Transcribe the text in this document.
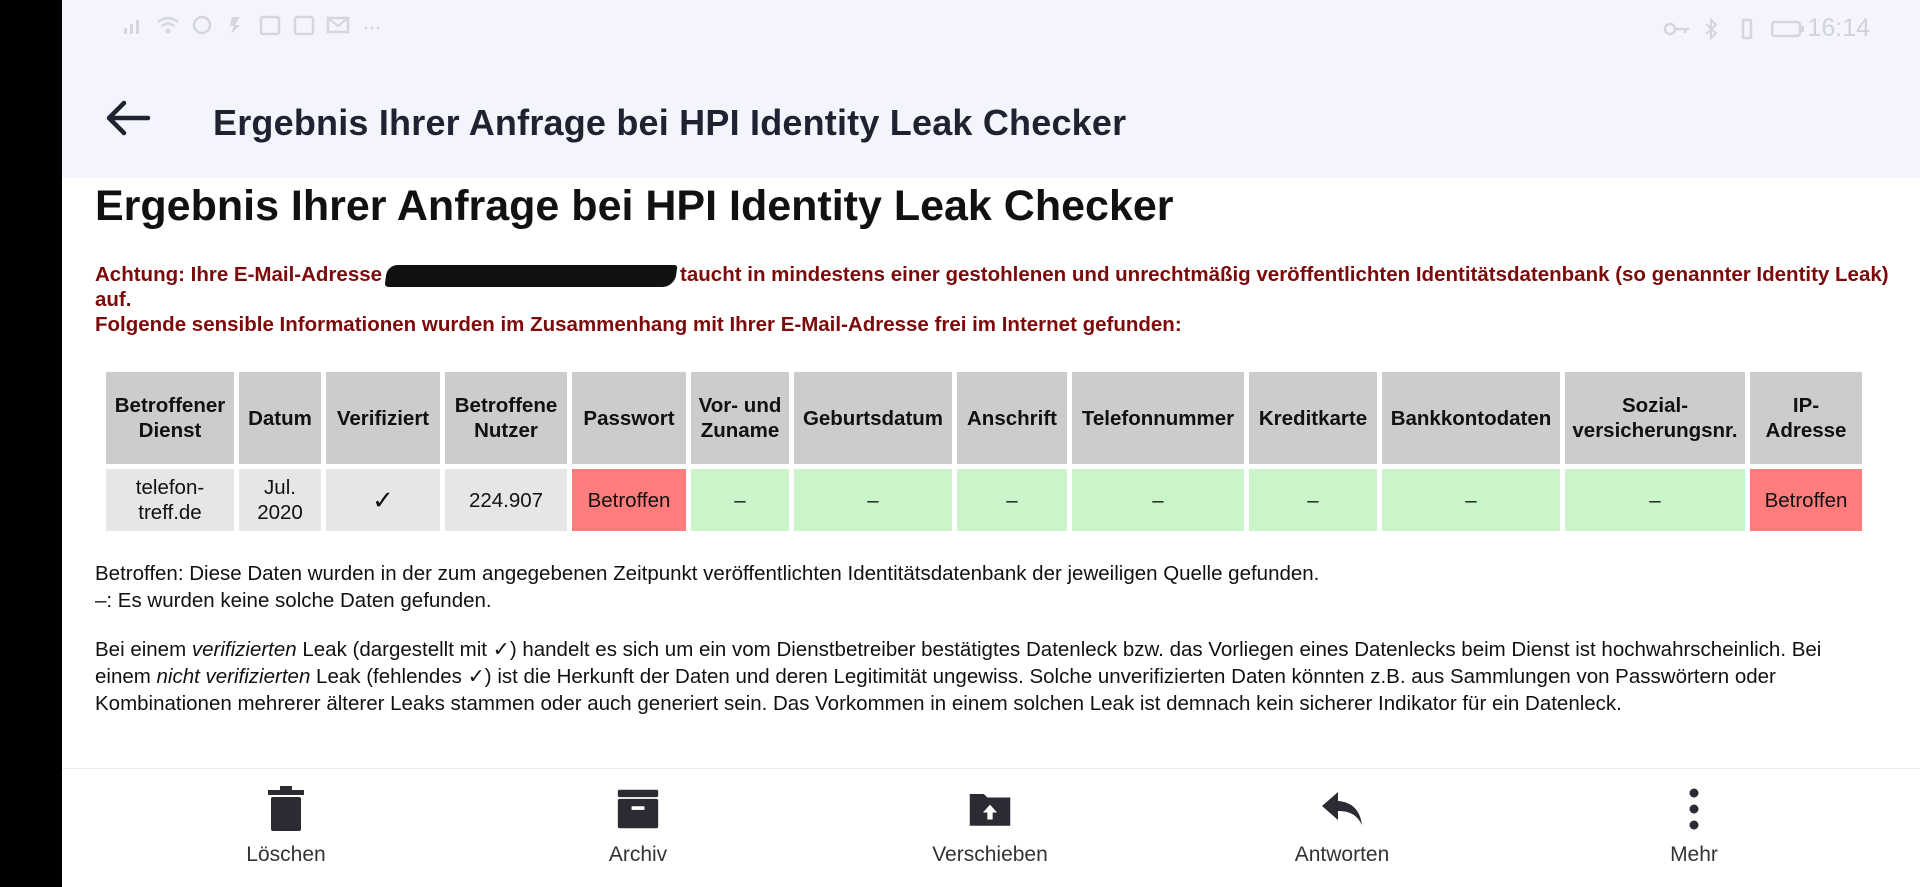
16:14
Ergebnis Ihrer Anfrage bei HPI Identity Leak Checker
Ergebnis Ihrer Anfrage bei HPI Identity Leak Checker
Achtung: Ihre E-Mail-Adresse	taucht in mindestens einer gestohlenen und unrechtmäßig veröffentlichten Identitätsdatenbank (so genannter Identity Leak) auf.
Folgende sensible Informationen wurden im Zusammenhang mit Ihrer E-Mail-Adresse frei im Internet gefunden:
Betroffener Dienst	Datum	Verifiziert	Betroffene Nutzer	Passwort	Vor- und Zuname	Geburtsdatum	Anschrift	Telefonnummer	Kreditkarte	Bankkontodaten	Sozial-versicherungsnr.	IP-Adresse
telefon-treff.de	Jul. 2020	✓	224.907	Betroffen	–	–	–	–	–	–	–	Betroffen
Betroffen: Diese Daten wurden in der zum angegebenen Zeitpunkt veröffentlichten Identitätsdatenbank der jeweiligen Quelle gefunden.
–: Es wurden keine solche Daten gefunden.
Bei einem verifizierten Leak (dargestellt mit ✓) handelt es sich um ein vom Dienstbetreiber bestätigtes Datenleck bzw. das Vorliegen eines Datenlecks beim Dienst ist hochwahrscheinlich. Bei einem nicht verifizierten Leak (fehlendes ✓) ist die Herkunft der Daten und deren Legitimität ungewiss. Solche unverifizierten Daten könnten z.B. aus Sammlungen von Passwörtern oder Kombinationen mehrerer älterer Leaks stammen oder auch generiert sein. Das Vorkommen in einem solchen Leak ist demnach kein sicherer Indikator für ein Datenleck.
Löschen	Archiv	Verschieben	Antworten	Mehr
